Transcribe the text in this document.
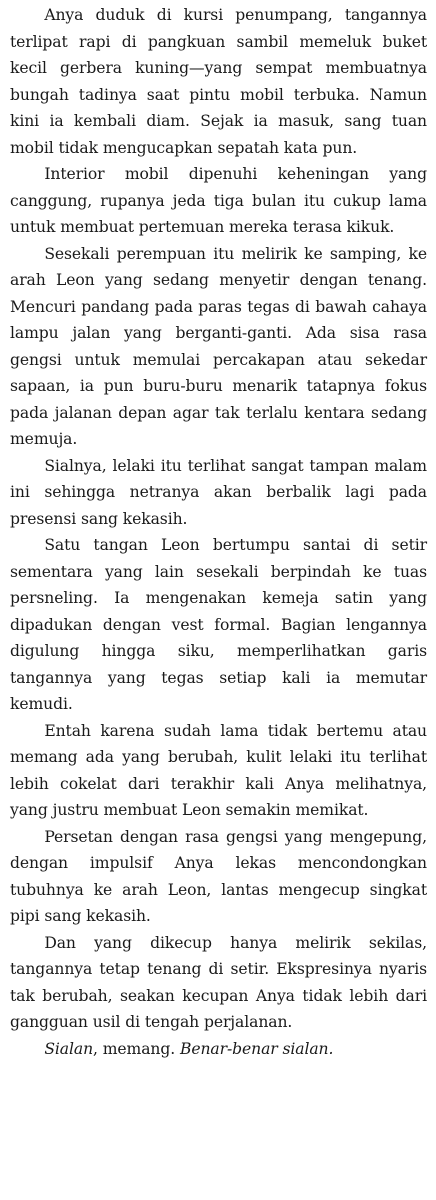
Anya duduk di kursi penumpang, tangannya terlipat rapi di pangkuan sambil memeluk buket kecil gerbera kuning—yang sempat membuatnya bungah tadinya saat pintu mobil terbuka. Namun kini ia kembali diam. Sejak ia masuk, sang tuan mobil tidak mengucapkan sepatah kata pun.

Interior mobil dipenuhi keheningan yang canggung, rupanya jeda tiga bulan itu cukup lama untuk membuat pertemuan mereka terasa kikuk.

Sesekali perempuan itu melirik ke samping, ke arah Leon yang sedang menyetir dengan tenang. Mencuri pandang pada paras tegas di bawah cahaya lampu jalan yang berganti-ganti. Ada sisa rasa gengsi untuk memulai percakapan atau sekedar sapaan, ia pun buru-buru menarik tatapnya fokus pada jalanan depan agar tak terlalu kentara sedang memuja.

Sialnya, lelaki itu terlihat sangat tampan malam ini sehingga netranya akan berbalik lagi pada presensi sang kekasih.

Satu tangan Leon bertumpu santai di setir sementara yang lain sesekali berpindah ke tuas persneling. Ia mengenakan kemeja satin yang dipadukan dengan vest formal. Bagian lengannya digulung hingga siku, memperlihatkan garis tangannya yang tegas setiap kali ia memutar kemudi.

Entah karena sudah lama tidak bertemu atau memang ada yang berubah, kulit lelaki itu terlihat lebih cokelat dari terakhir kali Anya melihatnya, yang justru membuat Leon semakin memikat.

Persetan dengan rasa gengsi yang mengepung, dengan impulsif Anya lekas mencondongkan tubuhnya ke arah Leon, lantas mengecup singkat pipi sang kekasih.

Dan yang dikecup hanya melirik sekilas, tangannya tetap tenang di setir. Ekspresinya nyaris tak berubah, seakan kecupan Anya tidak lebih dari gangguan usil di tengah perjalanan.

Sialan, memang. Benar-benar sialan.
